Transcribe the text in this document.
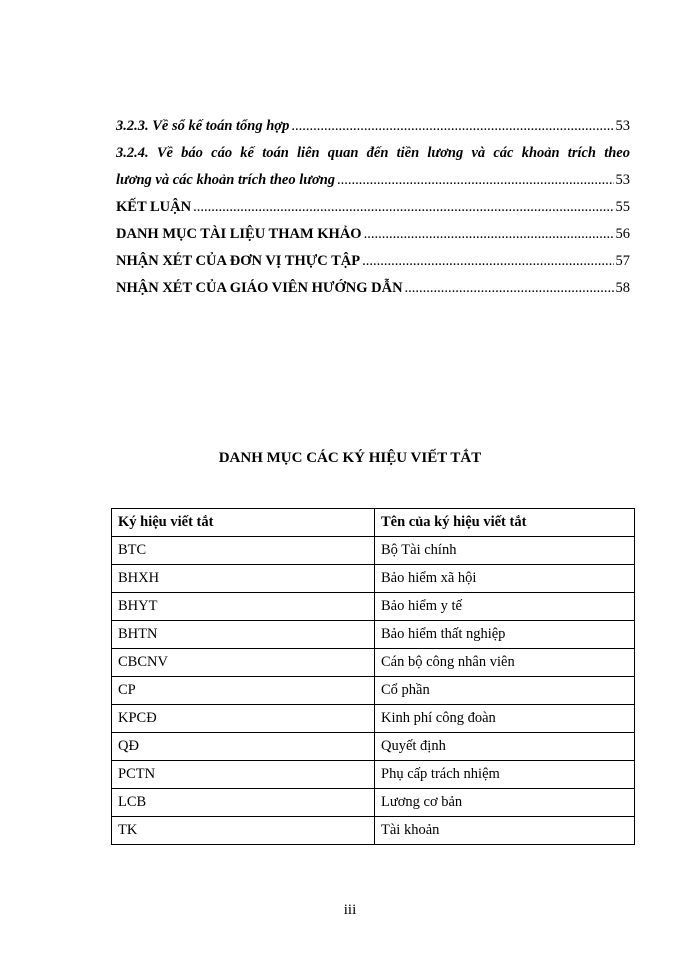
3.2.3. Về sổ kế toán tổng hợp .....	53
3.2.4. Về báo cáo kế toán liên quan đến tiền lương và các khoản trích theo
lương và các khoản trích theo lương .....	53
KẾT LUẬN .....	55
DANH MỤC TÀI LIỆU THAM KHẢO .....	56
NHẬN XÉT CỦA ĐƠN VỊ THỰC TẬP .....	57
NHẬN XÉT CỦA GIÁO VIÊN HƯỚNG DẪN .....	58
DANH MỤC CÁC KÝ HIỆU VIẾT TẮT
Ký hiệu viết tắt	Tên của ký hiệu viết tắt
BTC	Bộ Tài chính
BHXH	Bảo hiểm xã hội
BHYT	Bảo hiểm y tế
BHTN	Bảo hiểm thất nghiệp
CBCNV	Cán bộ công nhân viên
CP	Cổ phần
KPCĐ	Kinh phí công đoàn
QĐ	Quyết định
PCTN	Phụ cấp trách nhiệm
LCB	Lương cơ bản
TK	Tài khoản
iii
